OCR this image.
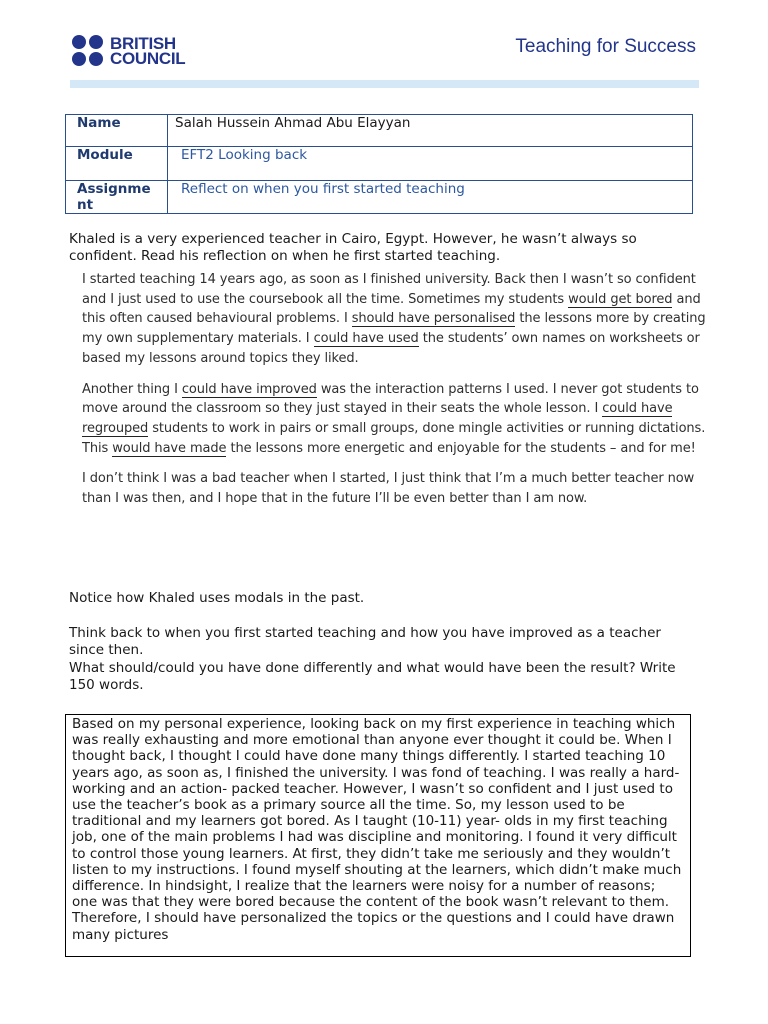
BRITISH
COUNCIL
Teaching for Success
Name	Salah Hussein Ahmad Abu Elayyan
Module	EFT2 Looking back
Assignme
nt	Reflect on when you first started teaching

Khaled is a very experienced teacher in Cairo, Egypt. However, he wasn’t always so confident. Read his reflection on when he first started teaching.

I started teaching 14 years ago, as soon as I finished university. Back then I wasn’t so confident and I just used to use the coursebook all the time. Sometimes my students would get bored and this often caused behavioural problems. I should have personalised the lessons more by creating my own supplementary materials. I could have used the students’ own names on worksheets or based my lessons around topics they liked.

Another thing I could have improved was the interaction patterns I used. I never got students to move around the classroom so they just stayed in their seats the whole lesson. I could have regrouped students to work in pairs or small groups, done mingle activities or running dictations. This would have made the lessons more energetic and enjoyable for the students – and for me!

I don’t think I was a bad teacher when I started, I just think that I’m a much better teacher now than I was then, and I hope that in the future I’ll be even better than I am now.

Notice how Khaled uses modals in the past.

Think back to when you first started teaching and how you have improved as a teacher since then.

What should/could you have done differently and what would have been the result? Write 150 words.

Based on my personal experience, looking back on my first experience in teaching which was really exhausting and more emotional than anyone ever thought it could be. When I thought back, I thought I could have done many things differently. I started teaching 10 years ago, as soon as, I finished the university. I was fond of teaching. I was really a hard-working and an action- packed teacher. However, I wasn’t so confident and I just used to use the teacher’s book as a primary source all the time. So, my lesson used to be traditional and my learners got bored. As I taught (10-11) year- olds in my first teaching job, one of the main problems I had was discipline and monitoring. I found it very difficult to control those young learners. At first, they didn’t take me seriously and they wouldn’t listen to my instructions. I found myself shouting at the learners, which didn’t make much difference. In hindsight, I realize that the learners were noisy for a number of reasons; one was that they were bored because the content of the book wasn’t relevant to them. Therefore, I should have personalized the topics or the questions and I could have drawn many pictures
